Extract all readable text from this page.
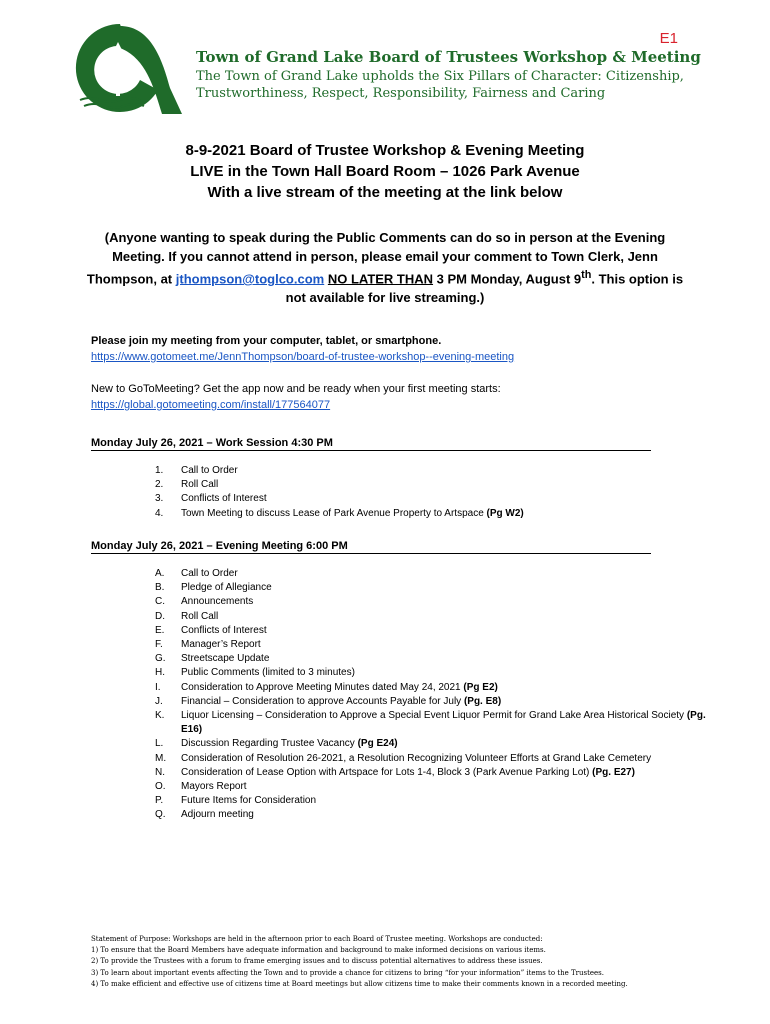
E1
Town of Grand Lake Board of Trustees Workshop & Meeting
The Town of Grand Lake upholds the Six Pillars of Character: Citizenship,
Trustworthiness, Respect, Responsibility, Fairness and Caring
8-9-2021 Board of Trustee Workshop & Evening Meeting
LIVE in the Town Hall Board Room – 1026 Park Avenue
With a live stream of the meeting at the link below
(Anyone wanting to speak during the Public Comments can do so in person at the Evening Meeting. If you cannot attend in person, please email your comment to Town Clerk, Jenn Thompson, at jthompson@toglco.com NO LATER THAN 3 PM Monday, August 9th. This option is not available for live streaming.)
Please join my meeting from your computer, tablet, or smartphone.
https://www.gotomeet.me/JennThompson/board-of-trustee-workshop--evening-meeting
New to GoToMeeting? Get the app now and be ready when your first meeting starts:
https://global.gotomeeting.com/install/177564077
Monday July 26, 2021 – Work Session 4:30 PM
1.	Call to Order
2.	Roll Call
3.	Conflicts of Interest
4.	Town Meeting to discuss Lease of Park Avenue Property to Artspace (Pg W2)
Monday July 26, 2021 – Evening Meeting 6:00 PM
A.	Call to Order
B.	Pledge of Allegiance
C.	Announcements
D.	Roll Call
E.	Conflicts of Interest
F.	Manager’s Report
G.	Streetscape Update
H.	Public Comments (limited to 3 minutes)
I.	Consideration to Approve Meeting Minutes dated May 24, 2021 (Pg E2)
J.	Financial – Consideration to approve Accounts Payable for July (Pg. E8)
K.	Liquor Licensing – Consideration to Approve a Special Event Liquor Permit for Grand Lake Area Historical Society (Pg. E16)
L.	Discussion Regarding Trustee Vacancy (Pg E24)
M.	Consideration of Resolution 26-2021, a Resolution Recognizing Volunteer Efforts at Grand Lake Cemetery
N.	Consideration of Lease Option with Artspace for Lots 1-4, Block 3 (Park Avenue Parking Lot) (Pg. E27)
O.	Mayors Report
P.	Future Items for Consideration
Q.	Adjourn meeting
Statement of Purpose: Workshops are held in the afternoon prior to each Board of Trustee meeting. Workshops are conducted:
1) To ensure that the Board Members have adequate information and background to make informed decisions on various items.
2) To provide the Trustees with a forum to frame emerging issues and to discuss potential alternatives to address these issues.
3) To learn about important events affecting the Town and to provide a chance for citizens to bring “for your information” items to the Trustees.
4) To make efficient and effective use of citizens time at Board meetings but allow citizens time to make their comments known in a recorded meeting.
